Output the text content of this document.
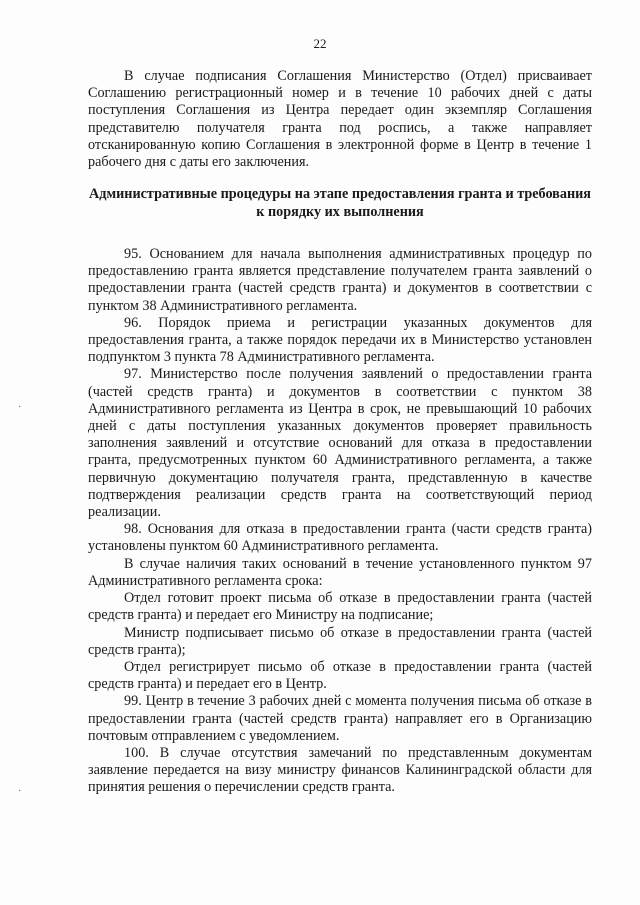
22
·
·

В случае подписания Соглашения Министерство (Отдел) присваивает Соглашению регистрационный номер и в течение 10 рабочих дней с даты поступления Соглашения из Центра передает один экземпляр Соглашения представителю получателя гранта под роспись, а также направляет отсканированную копию Соглашения в электронной форме в Центр в течение 1 рабочего дня с даты его заключения.

Административные процедуры на этапе предоставления гранта и требования к порядку их выполнения

95. Основанием для начала выполнения административных процедур по предоставлению гранта является представление получателем гранта заявлений о предоставлении гранта (частей средств гранта) и документов в соответствии с пунктом 38 Административного регламента.

96. Порядок приема и регистрации указанных документов для предоставления гранта, а также порядок передачи их в Министерство установлен подпунктом 3 пункта 78 Административного регламента.

97. Министерство после получения заявлений о предоставлении гранта (частей средств гранта) и документов в соответствии с пунктом 38 Административного регламента из Центра в срок, не превышающий 10 рабочих дней с даты поступления указанных документов проверяет правильность заполнения заявлений и отсутствие оснований для отказа в предоставлении гранта, предусмотренных пунктом 60 Административного регламента, а также первичную документацию получателя гранта, представленную в качестве подтверждения реализации средств гранта на соответствующий период реализации.

98. Основания для отказа в предоставлении гранта (части средств гранта) установлены пунктом 60 Административного регламента.

В случае наличия таких оснований в течение установленного пунктом 97 Административного регламента срока:

Отдел готовит проект письма об отказе в предоставлении гранта (частей средств гранта) и передает его Министру на подписание;

Министр подписывает письмо об отказе в предоставлении гранта (частей средств гранта);

Отдел регистрирует письмо об отказе в предоставлении гранта (частей средств гранта) и передает его в Центр.

99. Центр в течение 3 рабочих дней с момента получения письма об отказе в предоставлении гранта (частей средств гранта) направляет его в Организацию почтовым отправлением с уведомлением.

100. В случае отсутствия замечаний по представленным документам заявление передается на визу министру финансов Калининградской области для принятия решения о перечислении средств гранта.
